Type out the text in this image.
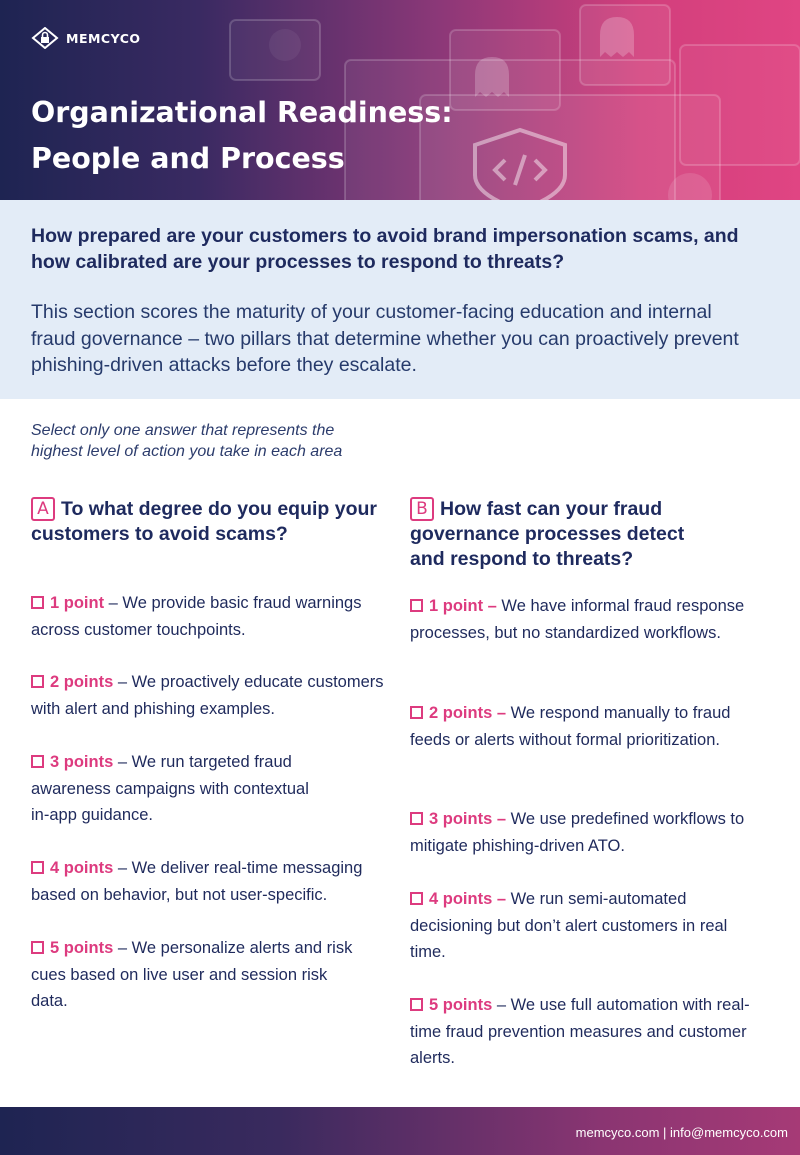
MEMCYCO
Organizational Readiness:
People and Process

How prepared are your customers to avoid brand impersonation scams, and how calibrated are your processes to respond to threats?

This section scores the maturity of your customer-facing education and internal fraud governance – two pillars that determine whether you can proactively prevent phishing-driven attacks before they escalate.

Select only one answer that represents the
highest level of action you take in each area

A To what degree do you equip your customers to avoid scams?

1 point – We provide basic fraud warnings across customer touchpoints.
2 points – We proactively educate customers with alert and phishing examples.
3 points – We run targeted fraud awareness campaigns with contextual in-app guidance.
4 points – We deliver real-time messaging based on behavior, but not user-specific.
5 points – We personalize alerts and risk cues based on live user and session risk data.

B How fast can your fraud governance processes detect and respond to threats?

1 point – We have informal fraud response processes, but no standardized workflows.
2 points – We respond manually to fraud feeds or alerts without formal prioritization.
3 points – We use predefined workflows to mitigate phishing-driven ATO.
4 points – We run semi-automated decisioning but don’t alert customers in real time.
5 points – We use full automation with real-time fraud prevention measures and customer alerts.
memcyco.com | info@memcyco.com
